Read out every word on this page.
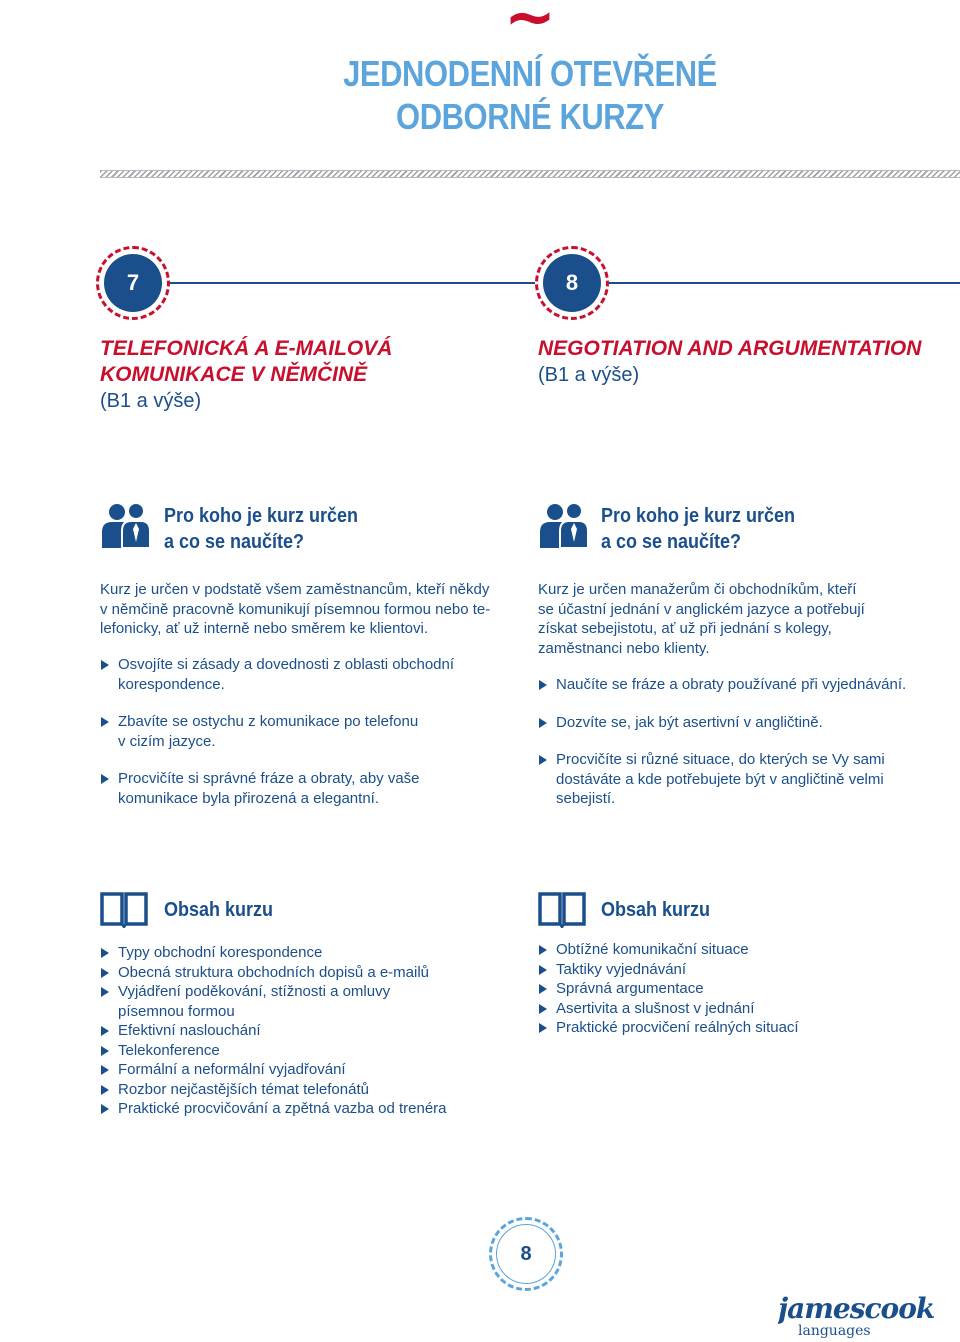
~
JEDNODENNÍ OTEVŘENÉ
ODBORNÉ KURZY
7
TELEFONICKÁ A E-MAILOVÁ
KOMUNIKACE V NĚMČINĚ
(B1 a výše)
8
NEGOTIATION AND ARGUMENTATION
(B1 a výše)
Pro koho je kurz určen
a co se naučíte?
Kurz je určen v podstatě všem zaměstnancům, kteří někdy
v němčině pracovně komunikují písemnou formou nebo te-
lefonicky, ať už interně nebo směrem ke klientovi.
Osvojíte si zásady a dovednosti z oblasti obchodní
korespondence.
Zbavíte se ostychu z komunikace po telefonu
v cizím jazyce.
Procvičíte si správné fráze a obraty, aby vaše
komunikace byla přirozená a elegantní.
Pro koho je kurz určen
a co se naučíte?
Kurz je určen manažerům či obchodníkům, kteří
se účastní jednání v anglickém jazyce a potřebují
získat sebejistotu, ať už při jednání s kolegy,
zaměstnanci nebo klienty.
Naučíte se fráze a obraty používané při vyjednávání.
Dozvíte se, jak být asertivní v angličtině.
Procvičíte si různé situace, do kterých se Vy sami
dostáváte a kde potřebujete být v angličtině velmi
sebejistí.
Obsah kurzu
Typy obchodní korespondence
Obecná struktura obchodních dopisů a e-mailů
Vyjádření poděkování, stížnosti a omluvy
písemnou formou
Efektivní naslouchání
Telekonference
Formální a neformální vyjadřování
Rozbor nejčastějších témat telefonátů
Praktické procvičování a zpětná vazba od trenéra
Obsah kurzu
Obtížné komunikační situace
Taktiky vyjednávání
Správná argumentace
Asertivita a slušnost v jednání
Praktické procvičení reálných situací
8
jamescook
languages
